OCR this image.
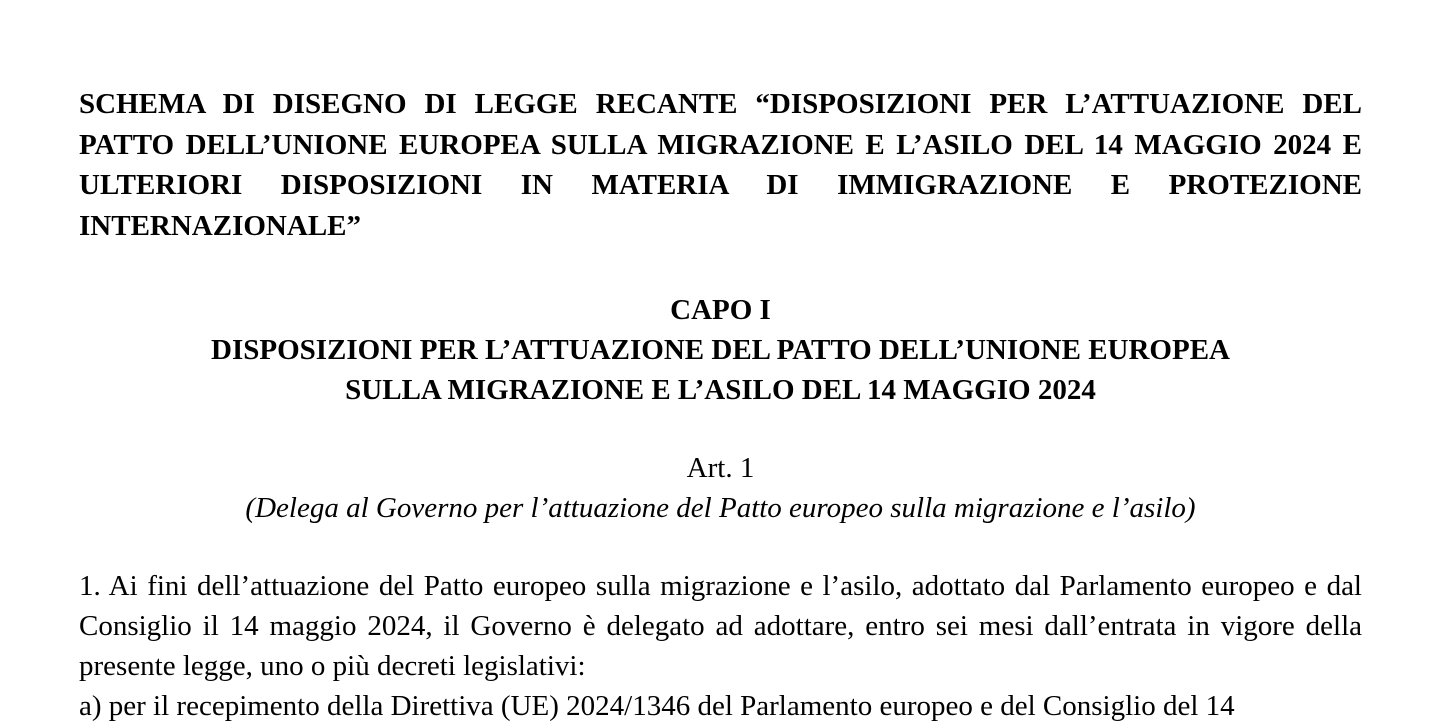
SCHEMA DI DISEGNO DI LEGGE RECANTE “DISPOSIZIONI PER L’ATTUAZIONE DEL PATTO DELL’UNIONE EUROPEA SULLA MIGRAZIONE E L’ASILO DEL 14 MAGGIO 2024 E ULTERIORI DISPOSIZIONI IN MATERIA DI IMMIGRAZIONE E PROTEZIONE INTERNAZIONALE”

CAPO I
DISPOSIZIONI PER L’ATTUAZIONE DEL PATTO DELL’UNIONE EUROPEA
SULLA MIGRAZIONE E L’ASILO DEL 14 MAGGIO 2024
Art. 1
(Delega al Governo per l’attuazione del Patto europeo sulla migrazione e l’asilo)

1. Ai fini dell’attuazione del Patto europeo sulla migrazione e l’asilo, adottato dal Parlamento europeo e dal Consiglio il 14 maggio 2024, il Governo è delegato ad adottare, entro sei mesi dall’entrata in vigore della presente legge, uno o più decreti legislativi:

a) per il recepimento della Direttiva (UE) 2024/1346 del Parlamento europeo e del Consiglio del 14
